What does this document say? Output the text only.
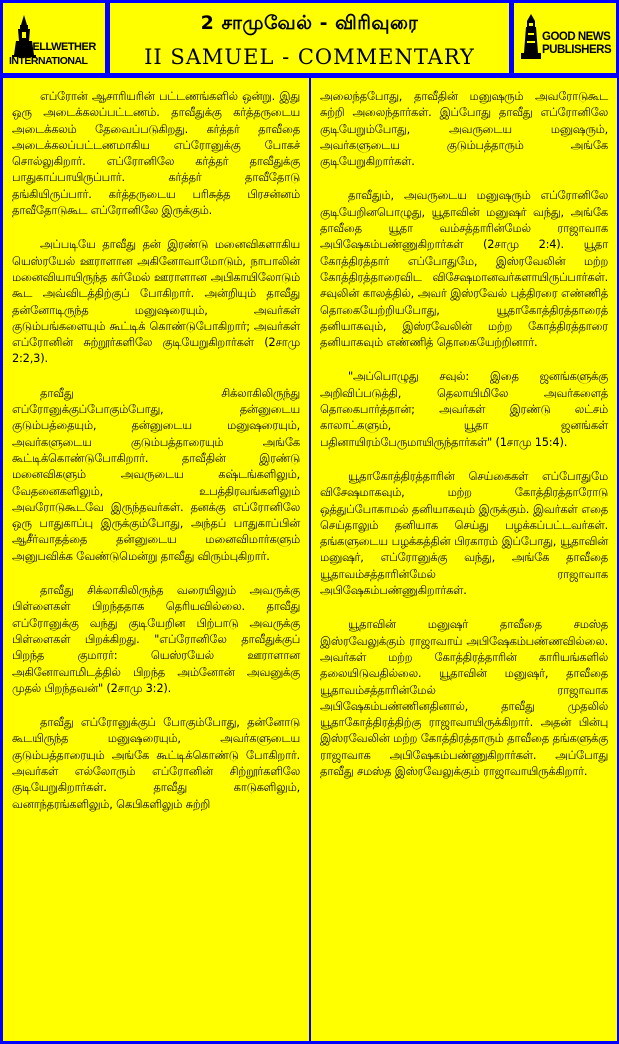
BELLWETHER
INTERNATIONAL
2 சாமுவேல் - விரிவுரை
II SAMUEL - COMMENTARY
GOOD NEWS
PUBLISHERS

எப்ரோன் ஆசாரியரின் பட்டணங்களில் ஒன்று. இது ஒரு அடைக்கலப்பட்டணம். தாவீதுக்கு கர்த்தருடைய அடைக்கலம் தேவைப்படுகிறது. கர்த்தர் தாவீதை அடைக்கலப்பட்டணமாகிய எப்ரோனுக்கு போகச் சொல்லுகிறார். எப்ரோனிலே கர்த்தர் தாவீதுக்கு பாதுகாப்பாயிருப்பார். கர்த்தர் தாவீதோடு தங்கியிருப்பார். கர்த்தருடைய பரிசுத்த பிரசன்னம் தாவீதோடுகூட எப்ரோனிலே இருக்கும்.

அப்படியே தாவீது தன் இரண்டு மனைவிகளாகிய யெஸ்ரயேல் ஊராளான அகினோவாமோடும், நாபாலின் மனைவியாயிருந்த கர்மேல் ஊராளான அபிகாயிலோடும் கூட அவ்விடத்திற்குப் போகிறார். அன்றியும் தாவீது தன்னோடிருந்த மனுஷரையும், அவர்கள் குடும்பங்களையும் கூட்டிக் கொண்டுபோகிறார்; அவர்கள் எப்ரோனின் சுற்றூர்களிலே குடியேறுகிறார்கள் (2சாமு 2:2,3).

தாவீது சிக்லாகிலிருந்து எப்ரோனுக்குப்போகும்போது, தன்னுடைய குடும்பத்தையும், தன்னுடைய மனுஷரையும், அவர்களுடைய குடும்பத்தாரையும் அங்கே கூட்டிக்கொண்டுபோகிறார். தாவீதின் இரண்டு மனைவிகளும் அவருடைய கஷ்டங்களிலும், வேதனைகளிலும், உபத்திரவங்களிலும் அவரோடுகூடவே இருந்தவர்கள். தனக்கு எப்ரோனிலே ஒரு பாதுகாப்பு இருக்கும்போது, அந்தப் பாதுகாப்பின் ஆசீர்வாதத்தை தன்னுடைய மனைவிமார்களும் அனுபவிக்க வேண்டுமென்று தாவீது விரும்புகிறார்.

தாவீது சிக்லாகிலிருந்த வரையிலும் அவருக்கு பிள்ளைகள் பிறந்ததாக தெரியவில்லை. தாவீது எப்ரோனுக்கு வந்து குடியேறின பிற்பாடு அவருக்கு பிள்ளைகள் பிறக்கிறது. "எப்ரோனிலே தாவீதுக்குப் பிறந்த குமாரர்: யெஸ்ரயேல் ஊராளான அகினோவாமிடத்தில் பிறந்த அம்னோன் அவனுக்கு முதல் பிறந்தவன்" (2சாமு 3:2).

தாவீது எப்ரோனுக்குப் போகும்போது, தன்னோடு கூடயிருந்த மனுஷரையும், அவர்களுடைய குடும்பத்தாரையும் அங்கே கூட்டிக்கொண்டு போகிறார். அவர்கள் எல்லோரும் எப்ரோனின் சிற்றூர்களிலே குடியேறுகிறார்கள். தாவீது காடுகளிலும், வனாந்தரங்களிலும், கெபிகளிலும் சுற்றி

அலைந்தபோது, தாவீதின் மனுஷரும் அவரோடுகூட சுற்றி அலைந்தார்கள். இப்போது தாவீது எப்ரோனிலே குடியேறும்போது, அவருடைய மனுஷரும், அவர்களுடைய குடும்பத்தாரும் அங்கே குடியேறுகிறார்கள்.

தாவீதும், அவருடைய மனுஷரும் எப்ரோனிலே குடியேறினபொழுது, யூதாவின் மனுஷர் வந்து, அங்கே தாவீதை யூதா வம்சத்தாரின்மேல் ராஜாவாக அபிஷேகம்பண்ணுகிறார்கள் (2சாமு 2:4). யூதா கோத்திரத்தார் எப்போதுமே, இஸ்ரவேலின் மற்ற கோத்திரத்தாரைவிட விசேஷமானவர்களாயிருப்பார்கள். சவுலின் காலத்தில், அவர் இஸ்ரவேல் புத்திரரை எண்ணித் தொகையேற்றியபோது, யூதாகோத்திரத்தாரைத் தனியாகவும், இஸ்ரவேலின் மற்ற கோத்திரத்தாரை தனியாகவும் எண்ணித் தொகையேற்றினார்.

"அப்பொழுது சவுல்: இதை ஜனங்களுக்கு அறிவிப்படுத்தி, தெலாயிமிலே அவர்களைத் தொகைபார்த்தான்; அவர்கள் இரண்டு லட்சம் காலாட்களும், யூதா ஜனங்கள் பதினாயிரம்பேருமாயிருந்தார்கள்" (1சாமு 15:4).

யூதாகோத்திரத்தாரின் செய்கைகள் எப்போதுமே விசேஷமாகவும், மற்ற கோத்திரத்தாரோடு ஒத்துப்போகாமல் தனியாகவும் இருக்கும். இவர்கள் எதை செய்தாலும் தனியாக செய்து பழக்கப்பட்டவர்கள். தங்களுடைய பழக்கத்தின் பிரகாரம் இப்போது, யூதாவின் மனுஷர், எப்ரோனுக்கு வந்து, அங்கே தாவீதை யூதாவம்சத்தாரின்மேல் ராஜாவாக அபிஷேகம்பண்ணுகிறார்கள்.

யூதாவின் மனுஷர் தாவீதை சமஸ்த இஸ்ரவேலுக்கும் ராஜாவாய் அபிஷேகம்பண்ணவில்லை. அவர்கள் மற்ற கோத்திரத்தாரின் காரியங்களில் தலையிடுவதில்லை. யூதாவின் மனுஷர், தாவீதை யூதாவம்சத்தாரின்மேல் ராஜாவாக அபிஷேகம்பண்ணினதினால், தாவீது முதலில் யூதாகோத்திரத்திற்கு ராஜாவாயிருக்கிறார். அதன் பின்பு இஸ்ரவேலின் மற்ற கோத்திரத்தாரும் தாவீதை தங்களுக்கு ராஜாவாக அபிஷேகம்பண்ணுகிறார்கள். அப்போது தாவீது சமஸ்த இஸ்ரவேலுக்கும் ராஜாவாயிருக்கிறார்.
